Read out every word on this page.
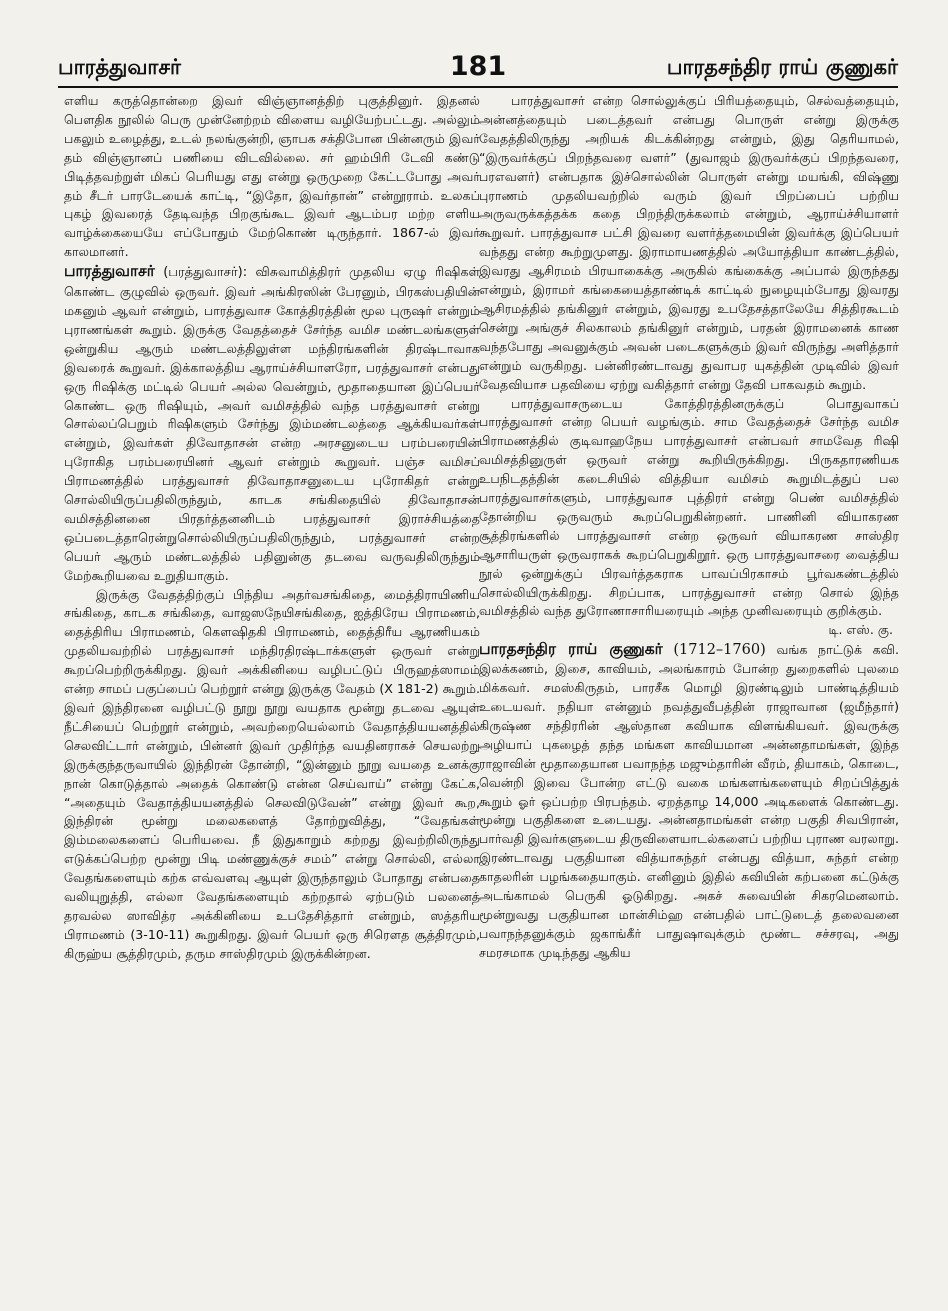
பாரத்துவாசர்	181	பாரதசந்திர ராய் குணுகர்

எளிய கருத்தொன்றை இவர் விஞ்ஞானத்திற் புகுத்தினுர். இதனல் பௌதிக நூலில் பெரு முன்னேற்றம் விளைய வழியேற்பட்டது. அல்லும் பகலும் உழைத்து, உடல் நலங்குன்றி, ஞாபக சக்திபோன பின்னரும் இவர் தம் விஞ்ஞானப் பணியை விடவில்லை. சர் ஹம்பிரி டேவி கண்டு பிடித்தவற்றுள் மிகப் பெரியது எது என்று ஒருமுறை கேட்டபோது அவர் தம் சீடர் பாரடேயைக் காட்டி, “இதோ, இவர்தான்” என்றூராம். உலகப் புகழ் இவரைத் தேடிவந்த பிறகுங்கூட இவர் ஆடம்பர மற்ற எளிய வாழ்க்கையையே எப்போதும் மேற்கொண் டிருந்தார். 1867-ல் இவர் காலமானர்.

பாரத்துவாசர் (பரத்துவாசர்): விசுவாமித்திரர் முதலிய ஏழு ரிஷிகள் கொண்ட குழுவில் ஒருவர். இவர் அங்கிரஸின் பேரனும், பிரகஸ்பதியின் மகனும் ஆவர் என்றும், பாரத்துவாச கோத்திரத்தின் மூல புருஷர் என்றும் புராணங்கள் கூறும். இருக்கு வேதத்தைச் சேர்ந்த வமிச மண்டலங்களுள் ஒன்றுகிய ஆரும் மண்டலத்திலுள்ள மந்திரங்களின் திரஷ்டாவாக இவரைக் கூறுவர். இக்காலத்திய ஆராய்ச்சியாளரோ, பரத்துவாசர் என்பது ஒரு ரிஷிக்கு மட்டில் பெயர் அல்ல வென்றும், மூதாதையான இப்பெயர் கொண்ட ஒரு ரிஷியும், அவர் வமிசத்தில் வந்த பரத்துவாசர் என்று சொல்லப்பெறும் ரிஷிகளும் சேர்ந்து இம்மண்டலத்தை ஆக்கியவர்கள் என்றும், இவர்கள் திவோதாசன் என்ற அரசனுடைய பரம்பரையின் புரோகித பரம்பரையினர் ஆவர் என்றும் கூறுவர். பஞ்ச வமிசப் பிராமணத்தில் பரத்துவாசர் திவோதாசனுடைய புரோகிதர் என்று சொல்லியிருப்பதிலிருந்தும், காடக சங்கிதையில் திவோதாசன் வமிசத்தினனை பிரதர்த்தனனிடம் பரத்துவாசர் இராச்சியத்தை ஒப்படைத்தாரென்றுசொல்லியிருப்பதிலிருந்தும், பரத்துவாசர் என்ற பெயர் ஆரும் மண்டலத்தில் பதினுன்கு தடவை வருவதிலிருந்தும் மேற்கூறியவை உறுதியாகும்.

இருக்கு வேதத்திற்குப் பிந்திய அதர்வசங்கிதை, மைத்திராயிணிய சங்கிதை, காடக சங்கிதை, வாஜஸநேயிசங்கிதை, ஐத்திரேய பிராமணம், தைத்திரிய பிராமணம், கௌஷிதகி பிராமணம், தைத்திரீய ஆரணியகம் முதலியவற்றில் பரத்துவாசர் மந்திரதிரஷ்டாக்களுள் ஒருவர் என்று கூறப்பெற்றிருக்கிறது. இவர் அக்கினியை வழிபட்டுப் பிருஹத்ஸாமம் என்ற சாமப் பகுப்பைப் பெற்றூர் என்று இருக்கு வேதம் (X 181-2) கூறும். இவர் இந்திரனை வழிபட்டு நூறு நூறு வயதாக மூன்று தடவை ஆயுள் நீட்சியைப் பெற்றூர் என்றும், அவற்றையெல்லாம் வேதாத்தியயனத்தில் செலவிட்டார் என்றும், பின்னர் இவர் முதிர்ந்த வயதினராகச் செயலற்று இருக்குந்தருவாயில் இந்திரன் தோன்றி, “இன்னும் நூறு வயதை உனக்கு நான் கொடுத்தால் அதைக் கொண்டு என்ன செய்வாய்” என்று கேட்க, “அதையும் வேதாத்தியயனத்தில் செலவிடுவேன்” என்று இவர் கூற, இந்திரன் மூன்று மலைகளைத் தோற்றுவித்து, “வேதங்கள் இம்மலைகளைப் பெரியவை. நீ இதுகாறும் கற்றது இவற்றிலிருந்து எடுக்கப்பெற்ற மூன்று பிடி மண்ணுக்குச் சமம்” என்று சொல்லி, எல்லா வேதங்களையும் கற்க எவ்வளவு ஆயுள் இருந்தாலும் போதாது என்பதை வலியுறுத்தி, எல்லா வேதங்களையும் கற்றதால் ஏற்படும் பலனைத் தரவல்ல ஸாவித்ர அக்கினியை உபதேசித்தார் என்றும், ஸத்தரிய பிராமணம் (3-10-11) கூறுகிறது. இவர் பெயர் ஒரு சிரௌத சூத்திரமும், கிருஹ்ய சூத்திரமும், தரும சாஸ்திரமும் இருக்கின்றன.

பாரத்துவாசர் என்ற சொல்லுக்குப் பிரியத்தையும், செல்வத்தையும், அன்னத்தையும் படைத்தவர் என்பது பொருள் என்று இருக்கு வேதத்திலிருந்து அறியக் கிடக்கின்றது என்றும், இது தெரியாமல், “இருவர்க்குப் பிறந்தவரை வளர்” (துவாஜம் இருவர்க்குப் பிறந்தவரை, பரஎவளர்) என்பதாக இச்சொல்லின் பொருள் என்று மயங்கி, விஷ்ணு புராணம் முதலியவற்றில் வரும் இவர் பிறப்பைப் பற்றிய அருவருக்கத்தக்க கதை பிறந்திருக்கலாம் என்றும், ஆராய்ச்சியாளர் கூறுவர். பாரத்துவாச பட்சி இவரை வளர்த்தமையின் இவர்க்கு இப்பெயர் வந்தது என்ற கூற்றுமுளது. இராமாயணத்தில் அயோத்தியா காண்டத்தில், இவரது ஆசிரமம் பிரயாகைக்கு அருகில் கங்கைக்கு அப்பால் இருந்தது என்றும், இராமர் கங்கையைத்தாண்டிக் காட்டில் நுழையும்போது இவரது ஆசிரமத்தில் தங்கினுர் என்றும், இவரது உபதேசத்தாலேயே சித்திரகூடம் சென்று அங்குச் சிலகாலம் தங்கினுர் என்றும், பரதன் இராமனைக் காண வந்தபோது அவனுக்கும் அவன் படைகளுக்கும் இவர் விருந்து அளித்தார் என்றும் வருகிறது. பன்னிரண்டாவது துவாபர யுகத்தின் முடிவில் இவர் வேதவியாச பதவியை ஏற்று வகித்தார் என்று தேவி பாகவதம் கூறும்.

பாரத்துவாசருடைய கோத்திரத்தினருக்குப் பொதுவாகப் பாரத்துவாசர் என்ற பெயர் வழங்கும். சாம வேதத்தைச் சேர்ந்த வமிச பிராமணத்தில் குடிவாஹநேய பாரத்துவாசர் என்பவர் சாமவேத ரிஷி வமிசத்தினுருள் ஒருவர் என்று கூறியிருக்கிறது. பிருகதாரணியக உபநிடதத்தின் கடைசியில் வித்தியா வமிசம் கூறுமிடத்துப் பல பாரத்துவாசர்களும், பாரத்துவாச புத்திரர் என்று பெண் வமிசத்தில் தோன்றிய ஒருவரும் கூறப்பெறுகின்றனர். பாணினி வியாகரண சூத்திரங்களில் பாரத்துவாசர் என்ற ஒருவர் வியாகரண சாஸ்திர ஆசாரியருள் ஒருவராகக் கூறப்பெறுகிறூர். ஒரு பாரத்துவாசரை வைத்திய நூல் ஒன்றுக்குப் பிரவர்த்தகராக பாவப்பிரகாசம் பூர்வகண்டத்தில் சொல்லியிருக்கிறது. சிறப்பாக, பாரத்துவாசர் என்ற சொல் இந்த வமிசத்தில் வந்த துரோணாசாரியரையும் அந்த முனிவரையும் குறிக்கும்.

டி. எஸ். கு.

பாரதசந்திர ராய் குணுகர் (1712–1760) வங்க நாட்டுக் கவி. இலக்கணம், இசை, காவியம், அலங்காரம் போன்ற துறைகளில் புலமை மிக்கவர். சமஸ்கிருதம், பாரசீக மொழி இரண்டிலும் பாண்டித்தியம் உடையவர். நதியா என்னும் நவத்துவீபத்தின் ராஜாவான (ஜமீந்தார்) கிருஷ்ண சந்திரரின் ஆஸ்தான கவியாக விளங்கியவர். இவருக்கு அழியாப் புகழைத் தந்த மங்கள காவியமான அன்னதாமங்கள், இந்த ராஜாவின் மூதாதையான பவாநந்த மஜும்தாரின் வீரம், தியாகம், கொடை, வென்றி இவை போன்ற எட்டு வகை மங்களங்களையும் சிறப்பித்துக் கூறும் ஓர் ஒப்பற்ற பிரபந்தம். ஏறத்தாழ 14,000 அடிகளைக் கொண்டது. மூன்று பகுதிகளை உடையது. அன்னதாமங்கள் என்ற பகுதி சிவபிரான், பார்வதி இவர்களுடைய திருவிளையாடல்களைப் பற்றிய புராண வரலாறு. இரண்டாவது பகுதியான வித்யாசுந்தர் என்பது வித்யா, சுந்தர் என்ற காதலரின் பழங்கதையாகும். எனினும் இதில் கவியின் கற்பனை கட்டுக்கு அடங்காமல் பெருகி ஓடுகிறது. அகச் சுவையின் சிகரமெனலாம். மூன்றுவது பகுதியான மான்சிம்ஹ என்பதில் பாட்டுடைத் தலைவனை பவாநந்தனுக்கும் ஜகாங்கீர் பாதுஷாவுக்கும் மூண்ட சச்சரவு, அது சமரசமாக முடிந்தது ஆகிய
